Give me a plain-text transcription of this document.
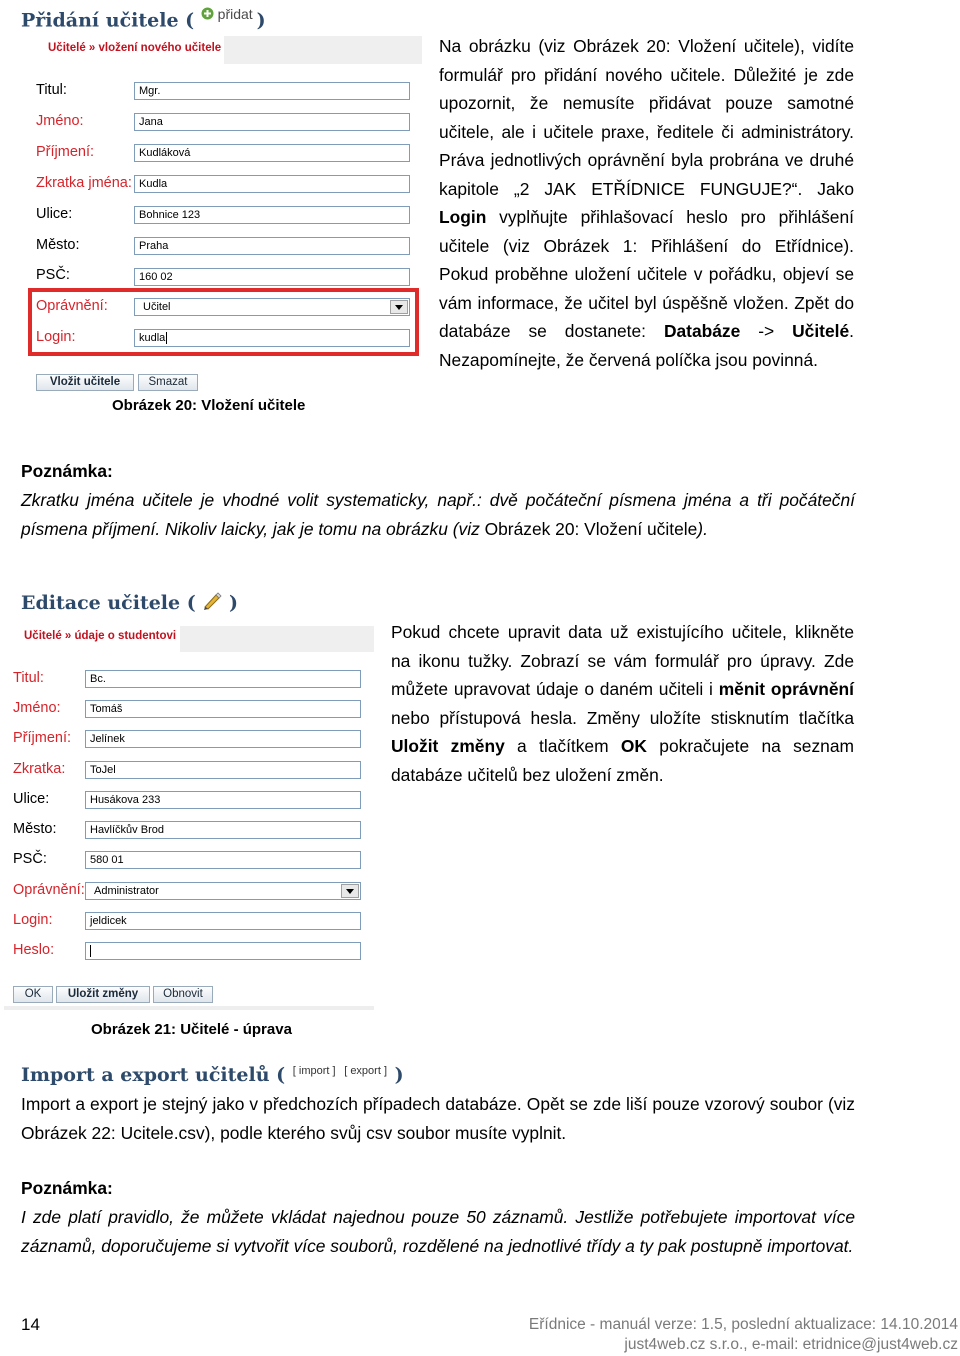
Přidání učitele ( $^{přidat}$ )
Učitelé » vložení nového učitele
Titul:	Mgr.
Jméno:	Jana
Příjmení:	Kudláková
Zkratka jména: Kudla
Ulice:	Bohnice 123
Město:	Praha
PSČ:	160 02
Oprávnění:	Učitel
Login:	kudla
Vložit učitele	Smazat
Obrázek 20: Vložení učitele
Na obrázku (viz Obrázek 20: Vložení učitele), vidíte formulář pro přidání nového učitele. Důležité je zde upozornit, že nemusíte přidávat pouze samotné učitele, ale i učitele praxe, ředitele či administrátory. Práva jednotlivých oprávnění byla probrána ve druhé kapitole „2 JAK ETŘÍDNICE FUNGUJE?“. Jako Login vyplňujte přihlašovací heslo pro přihlášení učitele (viz Obrázek 1: Přihlášení do Etřídnice). Pokud proběhne uložení učitele v pořádku, objeví se vám informace, že učitel byl úspěšně vložen. Zpět do databáze se dostanete: Databáze -> Učitelé. Nezapomínejte, že červená políčka jsou povinná.
Poznámka:
Zkratku jména učitele je vhodné volit systematicky, např.: dvě počáteční písmena jména a tři počáteční písmena příjmení. Nikoliv laicky, jak je tomu na obrázku (viz Obrázek 20: Vložení učitele).
Editace učitele ( )
Učitelé » údaje o studentovi
Titul:	Bc.
Jméno:	Tomáš
Příjmení:	Jelínek
Zkratka:	ToJel
Ulice:	Husákova 233
Město:	Havlíčkův Brod
PSČ:	580 01
Oprávnění: Administrator
Login:	jeldicek
Heslo:
OK	Uložit změny	Obnovit
Obrázek 21: Učitelé - úprava
Pokud chcete upravit data už existujícího učitele, klikněte na ikonu tužky. Zobrazí se vám formulář pro úpravy. Zde můžete upravovat údaje o daném učiteli i měnit oprávnění nebo přístupová hesla. Změny uložíte stisknutím tlačítka Uložit změny a tlačítkem OK pokračujete na seznam databáze učitelů bez uložení změn.
Import a export učitelů ( [ import ] [ export ] )
Import a export je stejný jako v předchozích případech databáze. Opět se zde liší pouze vzorový soubor (viz Obrázek 22: Ucitele.csv), podle kterého svůj csv soubor musíte vyplnit.
Poznámka:
I zde platí pravidlo, že můžete vkládat najednou pouze 50 záznamů. Jestliže potřebujete importovat více záznamů, doporučujeme si vytvořit více souborů, rozdělené na jednotlivé třídy a ty pak postupně importovat.
14	Eřídnice - manuál verze: 1.5, poslední aktualizace: 14.10.2014
just4web.cz s.r.o., e-mail: etridnice@just4web.cz
